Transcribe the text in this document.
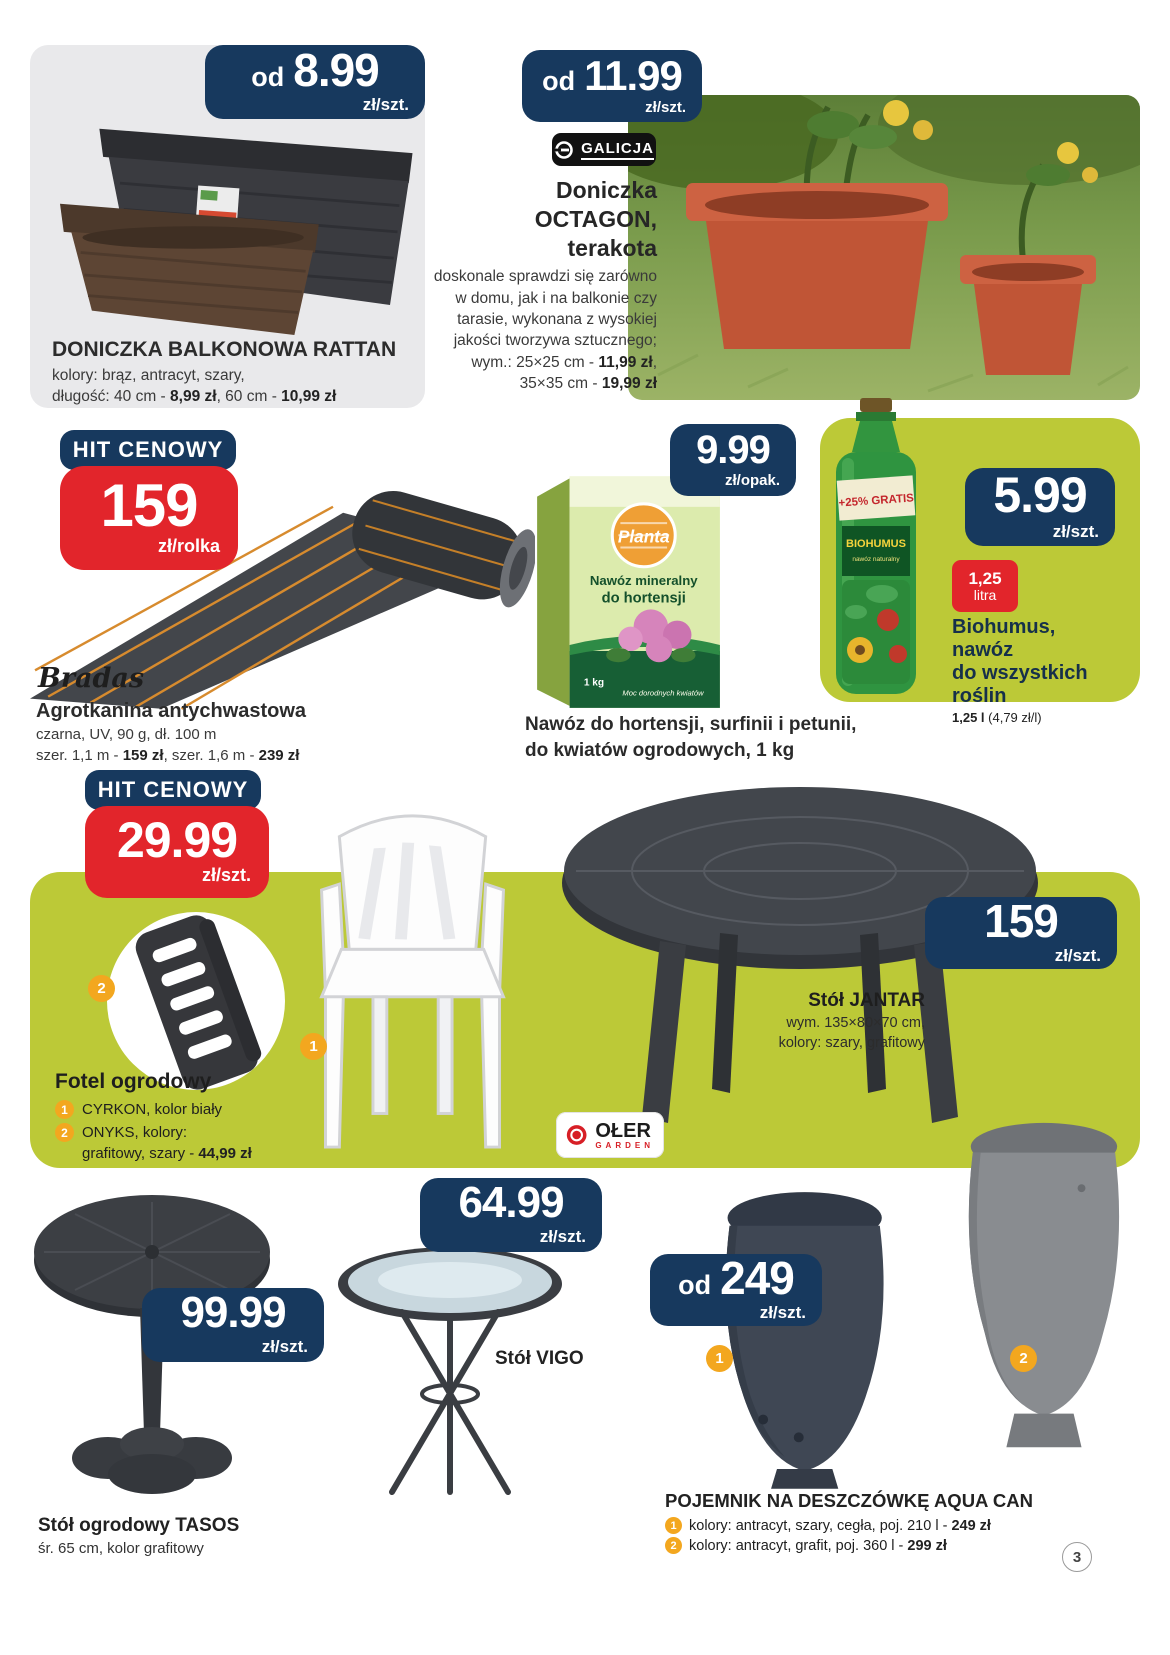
od 8.99
zł/szt.
DONICZKA BALKONOWA RATTAN
kolory: brąz, antracyt, szary,
długość: 40 cm - 8,99 zł, 60 cm - 10,99 zł
od 11.99
zł/szt.
GALICJA
Doniczka
OCTAGON,
terakota
doskonale sprawdzi się zarówno w domu, jak i na balkonie czy tarasie, wykonana z wysokiej jakości tworzywa sztucznego; wym.: 25×25 cm - 11,99 zł, 35×35 cm - 19,99 zł
HIT CENOWY
159
zł/rolka
Bradas
Agrotkanina antychwastowa
czarna, UV, 90 g, dł. 100 m
szer. 1,1 m - 159 zł, szer. 1,6 m - 239 zł
Planta
Nawóz mineralny
do hortensji
1 kg
Moc dorodnych kwiatów
9.99
zł/opak.
Nawóz do hortensji, surfinii i petunii,
do kwiatów ogrodowych, 1 kg
+25% GRATIS
BIOHUMUS
nawóz naturalny
5.99
zł/szt.
1,25
litra
Biohumus,
nawóz
do wszystkich
roślin
1,25 l (4,79 zł/l)
HIT CENOWY
29.99
zł/szt.
2
1
159
zł/szt.
Stół JANTAR
wym. 135×80×70 cm,
kolory: szary, grafitowy
Fotel ogrodowy
1 CYRKON, kolor biały
2 ONYKS, kolory:
grafitowy, szary - 44,99 zł
OŁER
GARDEN
99.99
zł/szt.
Stół ogrodowy TASOS
śr. 65 cm, kolor grafitowy
64.99
zł/szt.
Stół VIGO
od 249
zł/szt.
1	2
POJEMNIK NA DESZCZÓWKĘ AQUA CAN
1 kolory: antracyt, szary, cegła, poj. 210 l - 249 zł
2 kolory: antracyt, grafit, poj. 360 l - 299 zł
3
